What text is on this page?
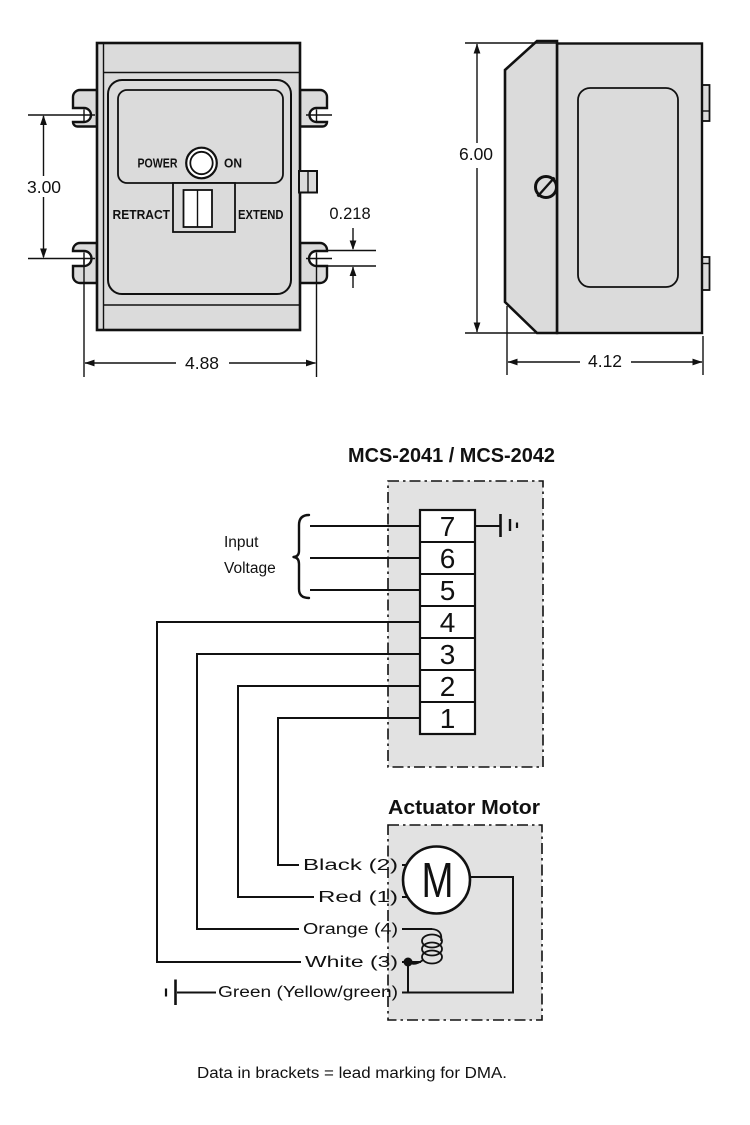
POWER	ON
RETRACT	EXTEND
3.00
4.88
0.218
6.00
4.12
MCS-2041 / MCS-2042
Actuator Motor
Input
Voltage
7
6
5
4
3
2
1
Black (2)
Red (1)
Orange (4)
White (3)
Green (Yellow/green)
M
Data in brackets = lead marking for DMA.
